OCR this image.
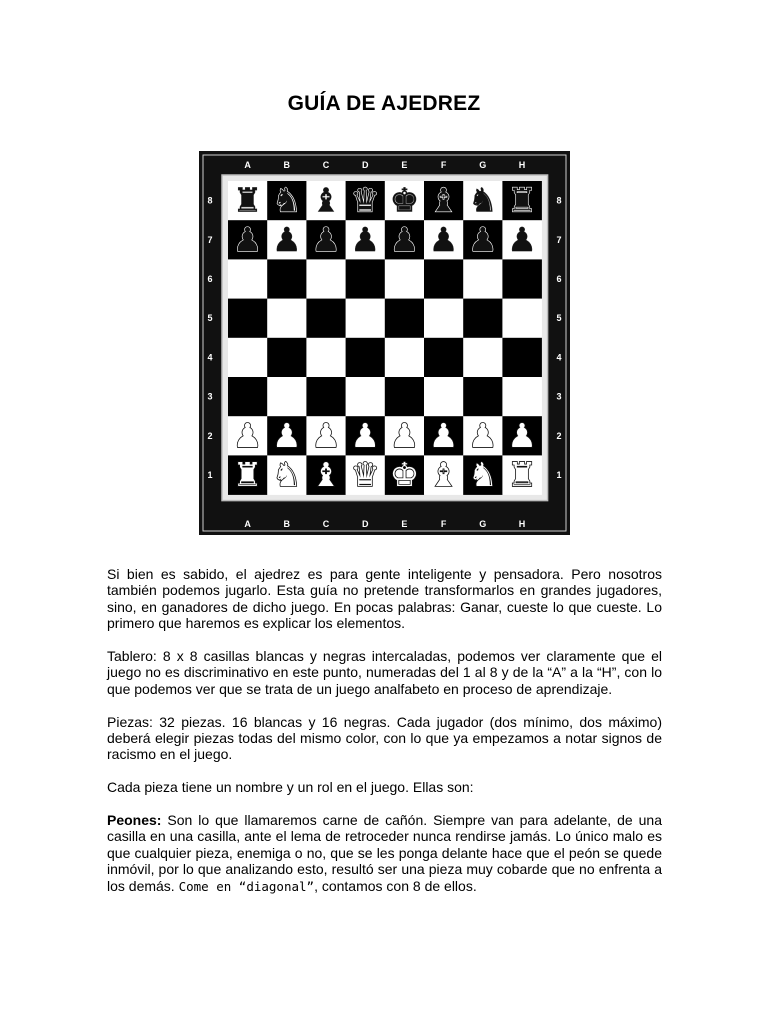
GUÍA DE AJEDREZ
A
A
B
B
C
C
D
D
E
E
F
F
G
G
H
H
8	8
7	7
6	6
5	5
4	4
3	3
2	2
1	1
♜ ♞ ♝ ♛ ♚ ♝ ♞ ♜
♟ ♟ ♟ ♟ ♟ ♟ ♟ ♟
♟ ♟ ♟ ♟ ♟ ♟ ♟ ♟
♜ ♞ ♝ ♛ ♚ ♝ ♞ ♜

Si bien es sabido, el ajedrez es para gente inteligente y pensadora. Pero nosotros también podemos jugarlo. Esta guía no pretende transformarlos en grandes jugadores, sino, en ganadores de dicho juego. En pocas palabras: Ganar, cueste lo que cueste. Lo primero que haremos es explicar los elementos.

Tablero: 8 x 8 casillas blancas y negras intercaladas, podemos ver claramente que el juego no es discriminativo en este punto, numeradas del 1 al 8 y de la “A” a la “H”, con lo que podemos ver que se trata de un juego analfabeto en proceso de aprendizaje.

Piezas: 32 piezas. 16 blancas y 16 negras. Cada jugador (dos mínimo, dos máximo) deberá elegir piezas todas del mismo color, con lo que ya empezamos a notar signos de racismo en el juego.

Cada pieza tiene un nombre y un rol en el juego. Ellas son:

Peones: Son lo que llamaremos carne de cañón. Siempre van para adelante, de una casilla en una casilla, ante el lema de retroceder nunca rendirse jamás. Lo único malo es que cualquier pieza, enemiga o no, que se les ponga delante hace que el peón se quede inmóvil, por lo que analizando esto, resultó ser una pieza muy cobarde que no enfrenta a los demás. Come en “diagonal”, contamos con 8 de ellos.
